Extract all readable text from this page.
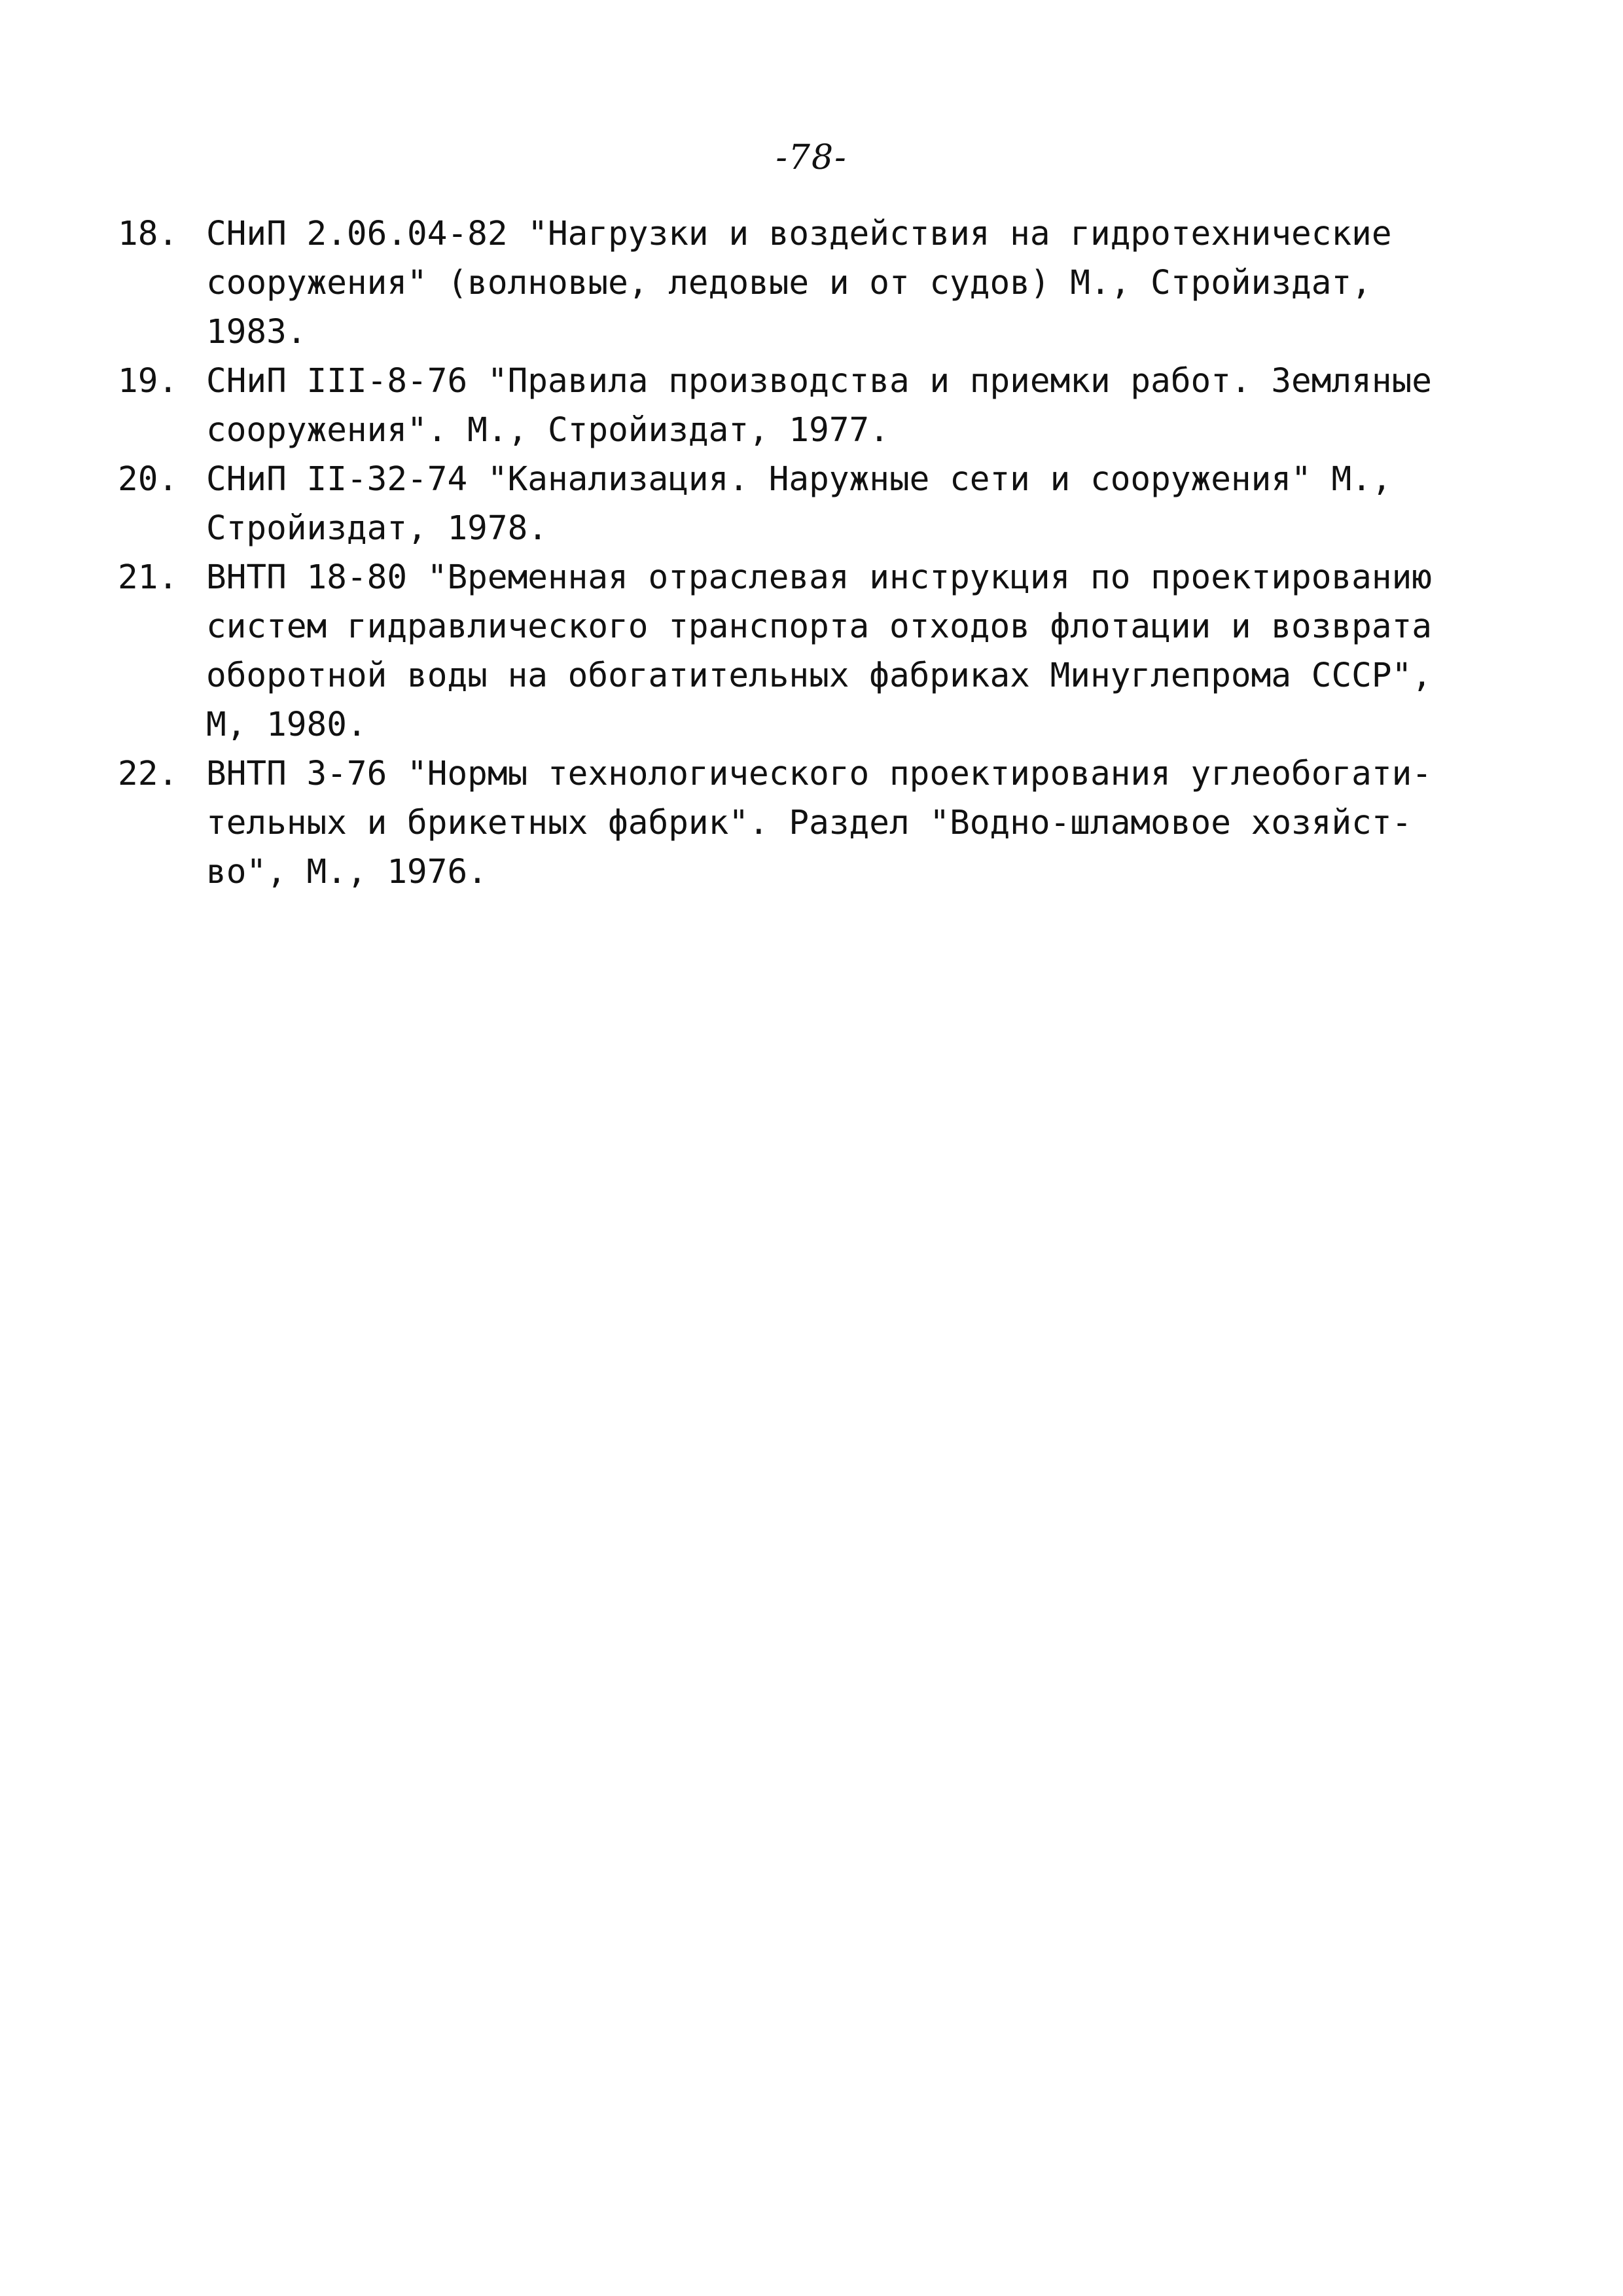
-78-
18. СНиП 2.06.04-82 "Нагрузки и воздействия на гидротехнические
сооружения" (волновые, ледовые и от судов) М., Стройиздат,
1983.

19. СНиП III-8-76 "Правила производства и приемки работ. Земляные
сооружения". М., Стройиздат, 1977.

20. СНиП II-32-74 "Канализация. Наружные сети и сооружения" М.,
Стройиздат, 1978.

21. ВНТП 18-80 "Временная отраслевая инструкция по проектированию
систем гидравлического транспорта отходов флотации и возврата
оборотной воды на обогатительных фабриках Минуглепрома СССР",
М, 1980.

22. ВНТП 3-76 "Нормы технологического проектирования углеобогати-
тельных и брикетных фабрик". Раздел "Водно-шламовое хозяйст-
во", М., 1976.
